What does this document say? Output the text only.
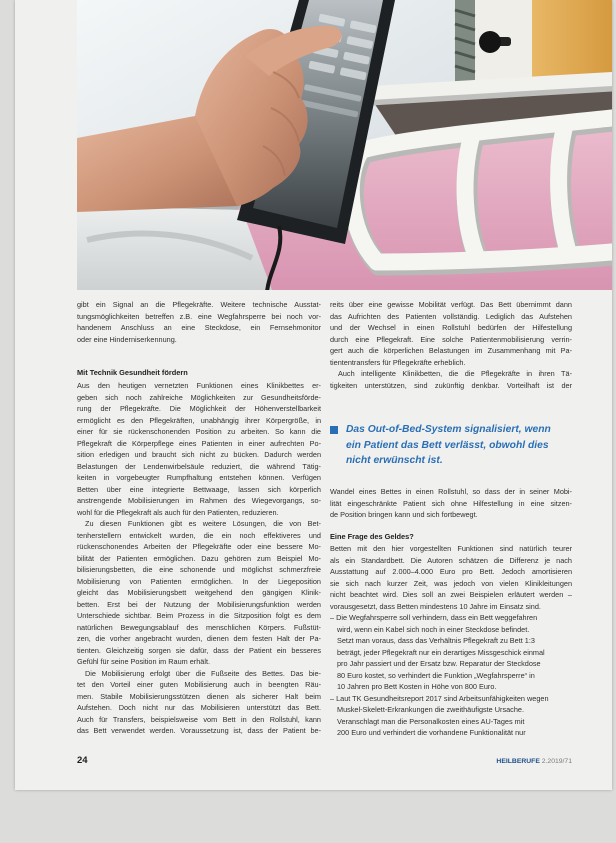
gibt ein Signal an die Pflegekräfte. Weitere technische Ausstat-
tungsmöglichkeiten betreffen z.B. eine Wegfahrsperre bei noch vor-
handenem Anschluss an eine Steckdose, ein Fernsehmonitor
oder eine Hinderniserkennung.
Mit Technik Gesundheit fördern
Aus den heutigen vernetzten Funktionen eines Klinikbettes er-
geben sich noch zahlreiche Möglichkeiten zur Gesundheitsförde-
rung der Pflegekräfte. Die Möglichkeit der Höhenverstellbarkeit
ermöglicht es den Pflegekräften, unabhängig ihrer Körpergröße, in
einer für sie rückenschonenden Position zu arbeiten. So kann die
Pflegekraft die Körperpflege eines Patienten in einer aufrechten Po-
sition erledigen und braucht sich nicht zu bücken. Dadurch werden
Belastungen der Lendenwirbelsäule reduziert, die während Tätig-
keiten in vorgebeugter Rumpfhaltung entstehen können. Verfügen
Betten über eine integrierte Bettwaage, lassen sich körperlich
anstrengende Mobilisierungen im Rahmen des Wiegevorgangs, so-
wohl für die Pflegekraft als auch für den Patienten, reduzieren.
Zu diesen Funktionen gibt es weitere Lösungen, die von Bet-
tenherstellern entwickelt wurden, die ein noch effektiveres und
rückenschonendes Arbeiten der Pflegekräfte oder eine bessere Mo-
bilität der Patienten ermöglichen. Dazu gehören zum Beispiel Mo-
bilisierungsbetten, die eine schonende und möglichst schmerzfreie
Mobilisierung von Patienten ermöglichen. In der Liegeposition
gleicht das Mobilisierungsbett weitgehend den gängigen Klinik-
betten. Erst bei der Nutzung der Mobilisierungsfunktion werden
Unterschiede sichtbar. Beim Prozess in die Sitzposition folgt es dem
natürlichen Bewegungsablauf des menschlichen Körpers. Fußstüt-
zen, die vorher angebracht wurden, dienen dem festen Halt der Pa-
tienten. Gleichzeitig sorgen sie dafür, dass der Patient ein besseres
Gefühl für seine Position im Raum erhält.
Die Mobilisierung erfolgt über die Fußseite des Bettes. Das bie-
tet den Vorteil einer guten Mobilisierung auch in beengten Räu-
men. Stabile Mobilisierungsstützen dienen als sicherer Halt beim
Aufstehen. Doch nicht nur das Mobilisieren unterstützt das Bett.
Auch für Transfers, beispielsweise vom Bett in den Rollstuhl, kann
das Bett verwendet werden. Voraussetzung ist, dass der Patient be-
reits über eine gewisse Mobilität verfügt. Das Bett übernimmt dann
das Aufrichten des Patienten vollständig. Lediglich das Aufstehen
und der Wechsel in einen Rollstuhl bedürfen der Hilfestellung
durch eine Pflegekraft. Eine solche Patientenmobilisierung verrin-
gert auch die körperlichen Belastungen im Zusammenhang mit Pa-
tiententransfers für Pflegekräfte erheblich.
Auch intelligente Klinikbetten, die die Pflegekräfte in ihren Tä-
tigkeiten unterstützen, sind zukünftig denkbar. Vorteilhaft ist der
Das Out-of-Bed-System signalisiert, wenn
ein Patient das Bett verlässt, obwohl dies
nicht erwünscht ist.
Wandel eines Bettes in einen Rollstuhl, so dass der in seiner Mobi-
lität eingeschränkte Patient sich ohne Hilfestellung in eine sitzen-
de Position bringen kann und sich fortbewegt.
Eine Frage des Geldes?
Betten mit den hier vorgestellten Funktionen sind natürlich teurer
als ein Standardbett. Die Autoren schätzen die Differenz je nach
Ausstattung auf 2.000–4.000 Euro pro Bett. Jedoch amortisieren
sie sich nach kurzer Zeit, was jedoch von vielen Klinikleitungen
nicht beachtet wird. Dies soll an zwei Beispielen erläutert werden –
vorausgesetzt, dass Betten mindestens 10 Jahre im Einsatz sind.
– Die Wegfahrsperre soll verhindern, dass ein Bett weggefahren
wird, wenn ein Kabel sich noch in einer Steckdose befindet.
Setzt man voraus, dass das Verhältnis Pflegekraft zu Bett 1:3
beträgt, jeder Pflegekraft nur ein derartiges Missgeschick einmal
pro Jahr passiert und der Ersatz bzw. Reparatur der Steckdose
80 Euro kostet, so verhindert die Funktion „Wegfahrsperre“ in
10 Jahren pro Bett Kosten in Höhe von 800 Euro.
– Laut TK Gesundheitsreport 2017 sind Arbeitsunfähigkeiten wegen
Muskel-Skelett-Erkrankungen die zweithäufigste Ursache.
Veranschlagt man die Personalkosten eines AU-Tages mit
200 Euro und verhindert die vorhandene Funktionalität nur
24	HEILBERUFE 2.2019/71
